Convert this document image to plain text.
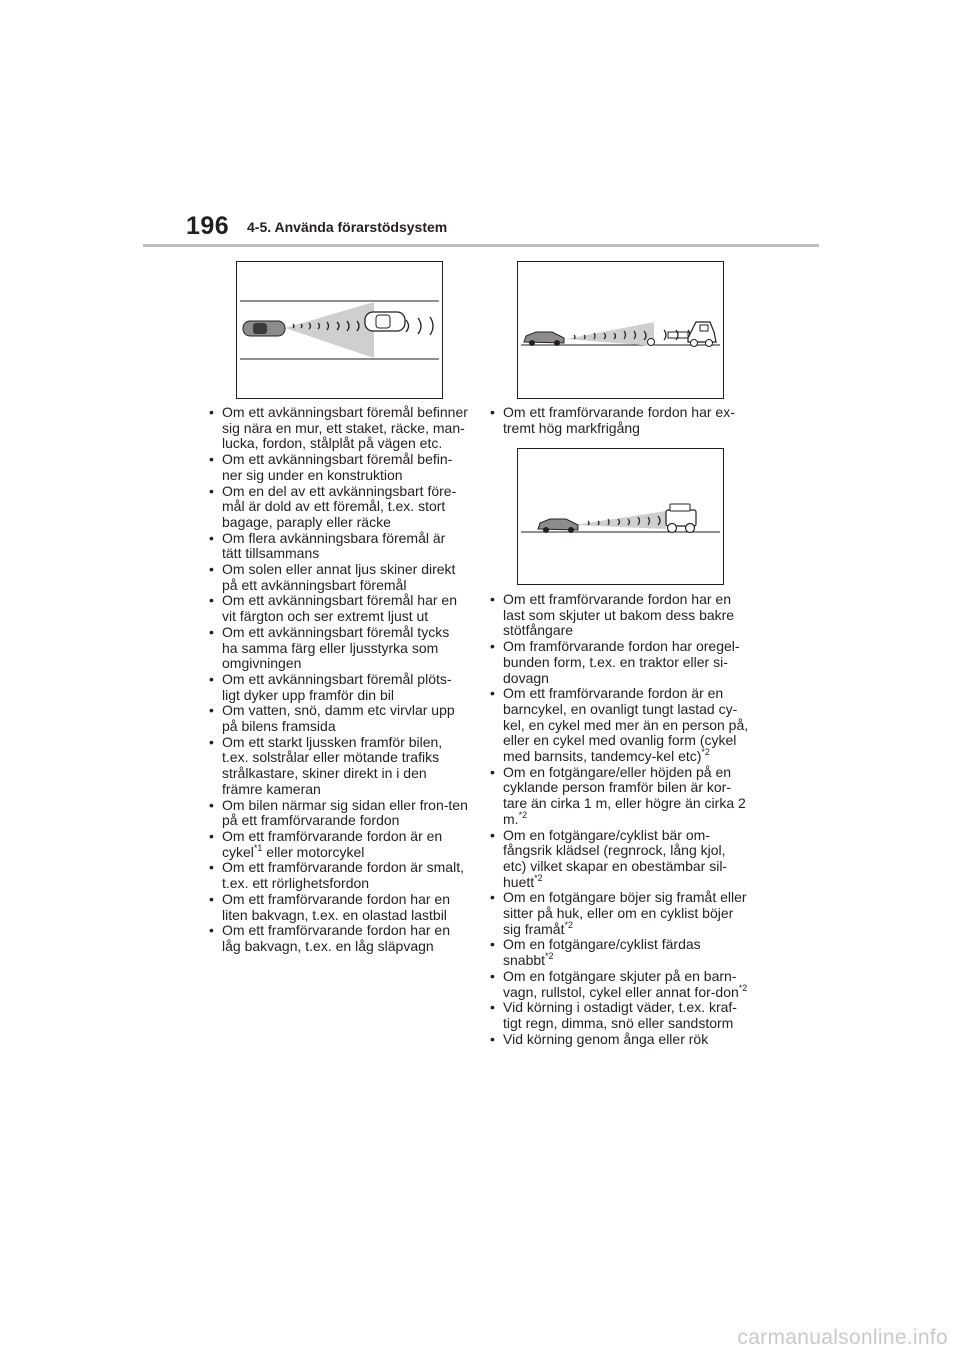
196 4-5. Använda förarstödsystem
• Om ett avkänningsbart föremål befinner sig nära en mur, ett staket, räcke, man-lucka, fordon, stålplåt på vägen etc.
• Om ett avkänningsbart föremål befin-ner sig under en konstruktion
• Om en del av ett avkänningsbart före-mål är dold av ett föremål, t.ex. stort bagage, paraply eller räcke
• Om flera avkänningsbara föremål är tätt tillsammans
• Om solen eller annat ljus skiner direkt på ett avkänningsbart föremål
• Om ett avkänningsbart föremål har en vit färgton och ser extremt ljust ut
• Om ett avkänningsbart föremål tycks ha samma färg eller ljusstyrka som omgivningen
• Om ett avkänningsbart föremål plöts-ligt dyker upp framför din bil
• Om vatten, snö, damm etc virvlar upp på bilens framsida
• Om ett starkt ljussken framför bilen, t.ex. solstrålar eller mötande trafiks strålkastare, skiner direkt in i den främre kameran
• Om bilen närmar sig sidan eller fron-ten på ett framförvarande fordon
• Om ett framförvarande fordon är en cykel$^{*1}$ eller motorcykel
• Om ett framförvarande fordon är smalt, t.ex. ett rörlighetsfordon
• Om ett framförvarande fordon har en liten bakvagn, t.ex. en olastad lastbil
• Om ett framförvarande fordon har en låg bakvagn, t.ex. en låg släpvagn
• Om ett framförvarande fordon har ex-tremt hög markfrigång
• Om ett framförvarande fordon har en last som skjuter ut bakom dess bakre stötfångare
• Om framförvarande fordon har oregel-bunden form, t.ex. en traktor eller si-dovagn
• Om ett framförvarande fordon är en barncykel, en ovanligt tungt lastad cy-kel, en cykel med mer än en person på, eller en cykel med ovanlig form (cykel med barnsits, tandemcy-kel etc)$^{*2}$
• Om en fotgängare/eller höjden på en cyklande person framför bilen är kor-tare än cirka 1 m, eller högre än cirka 2 m.$^{*2}$
• Om en fotgängare/cyklist bär om-fångsrik klädsel (regnrock, lång kjol, etc) vilket skapar en obestämbar sil-huett$^{*2}$
• Om en fotgängare böjer sig framåt eller sitter på huk, eller om en cyklist böjer sig framåt$^{*2}$
• Om en fotgängare/cyklist färdas snabbt$^{*2}$
• Om en fotgängare skjuter på en barn-vagn, rullstol, cykel eller annat for-don$^{*2}$
• Vid körning i ostadigt väder, t.ex. kraf-tigt regn, dimma, snö eller sandstorm
• Vid körning genom ånga eller rök
carmanualsonline.info
